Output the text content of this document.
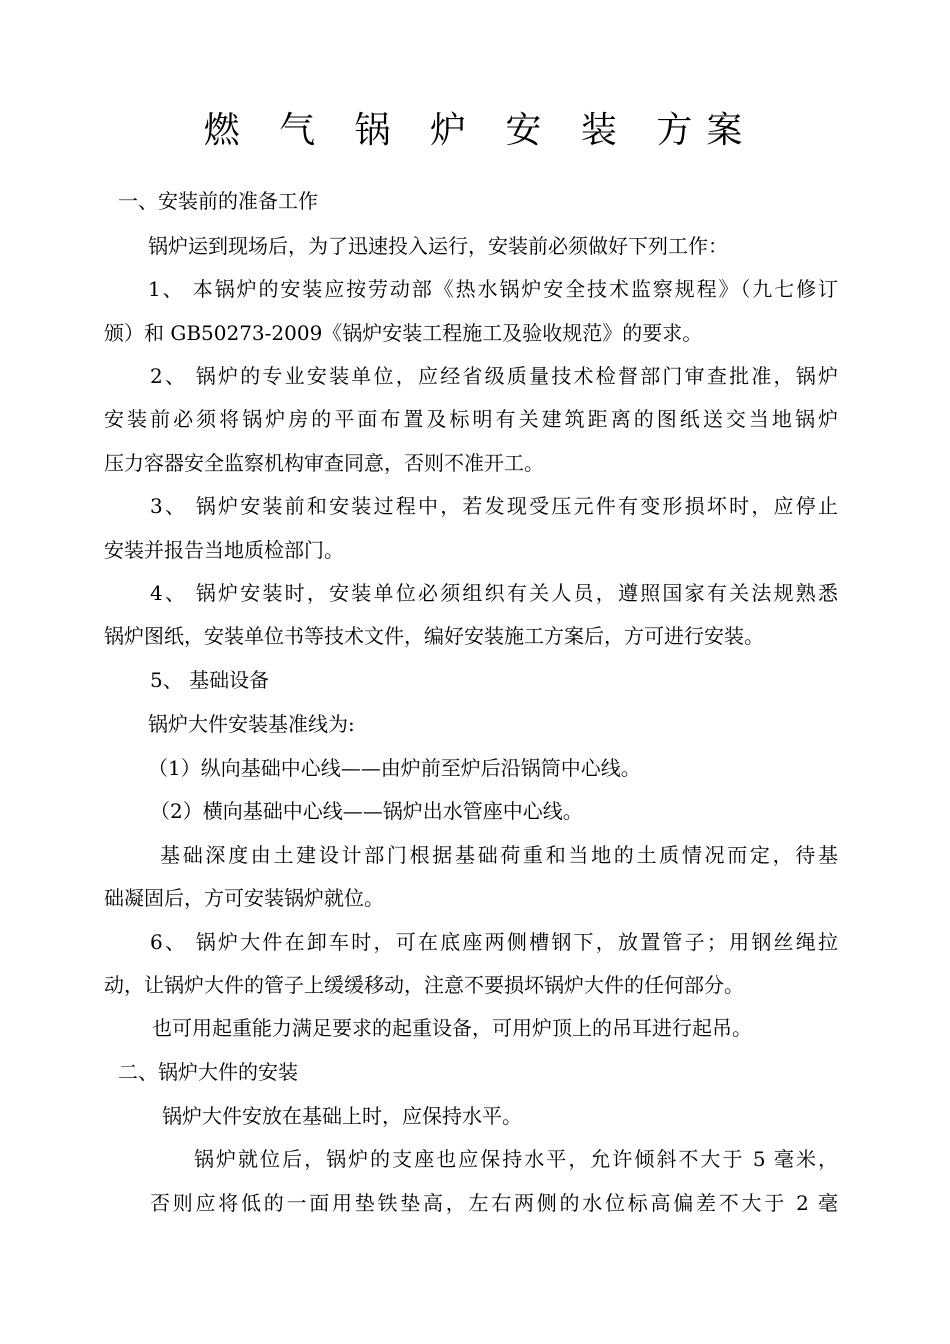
燃 气 锅 炉 安 装 方案
一、安装前的准备工作
锅炉运到现场后，为了迅速投入运行，安装前必须做好下列工作：
1、 本锅炉的安装应按劳动部《热水锅炉安全技术监察规程》（九七修订
颁）和 GB50273-2009《锅炉安装工程施工及验收规范》的要求。
2、 锅炉的专业安装单位，应经省级质量技术检督部门审查批准，锅炉
安装前必须将锅炉房的平面布置及标明有关建筑距离的图纸送交当地锅炉
压力容器安全监察机构审查同意，否则不准开工。
3、 锅炉安装前和安装过程中，若发现受压元件有变形损坏时，应停止
安装并报告当地质检部门。
4、 锅炉安装时，安装单位必须组织有关人员，遵照国家有关法规熟悉
锅炉图纸，安装单位书等技术文件，编好安装施工方案后，方可进行安装。
5、 基础设备
锅炉大件安装基准线为:
（1）纵向基础中心线——由炉前至炉后沿锅筒中心线。
（2）横向基础中心线——锅炉出水管座中心线。
基础深度由土建设计部门根据基础荷重和当地的土质情况而定，待基
础凝固后，方可安装锅炉就位。
6、 锅炉大件在卸车时，可在底座两侧槽钢下，放置管子；用钢丝绳拉
动，让锅炉大件的管子上缓缓移动，注意不要损坏锅炉大件的任何部分。
也可用起重能力满足要求的起重设备，可用炉顶上的吊耳进行起吊。
二、锅炉大件的安装
锅炉大件安放在基础上时，应保持水平。
锅炉就位后，锅炉的支座也应保持水平，允许倾斜不大于 5 毫米，
否则应将低的一面用垫铁垫高，左右两侧的水位标高偏差不大于 2 毫
